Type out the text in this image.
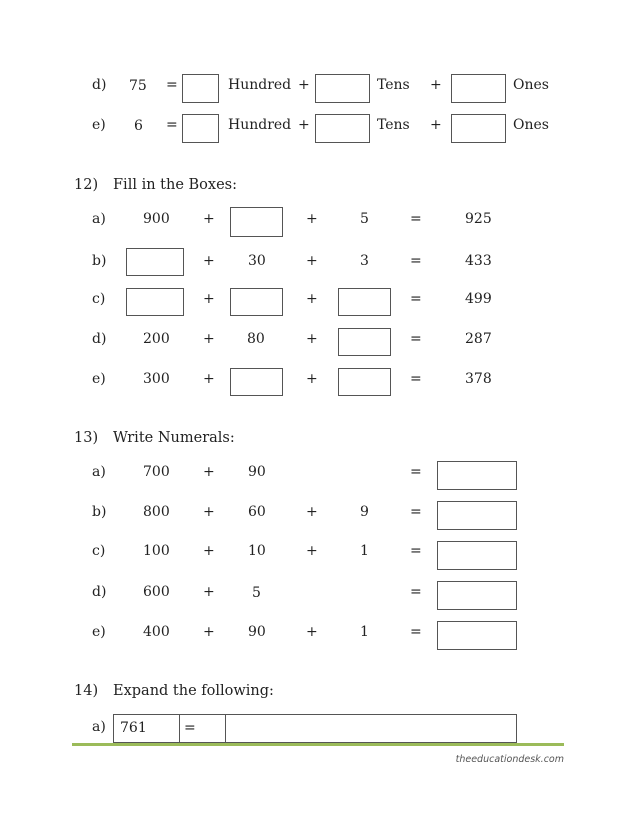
d) 75 =	Hundred +	Tens +	Ones
e) 6 =	Hundred +	Tens +	Ones
12) Fill in the Boxes:
a)	900 +	+	5	=	925
b)	+ 30	+	3	=	433
c)	+	+	=	499
d)	200 + 80	+	=	287
e)	300 +	+	=	378
13) Write Numerals:
a)	700 + 90	=
b)	800 + 60	+	9	=
c)	100 + 10	+	1	=
d)	600 +	5	=
e)	400 + 90	+	1	=
14) Expand the following:
a) 761	=
theeducationdesk.com
